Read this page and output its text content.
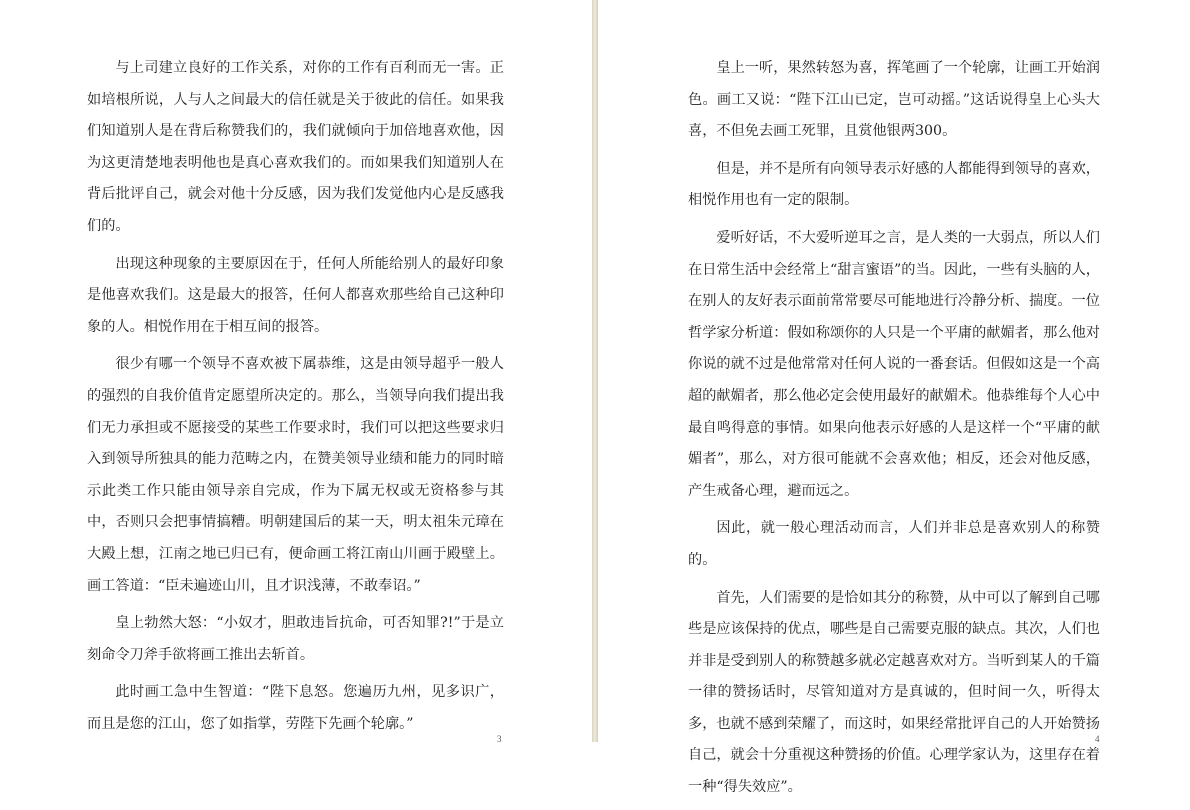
与上司建立良好的工作关系，对你的工作有百利而无一害。正如培根所说，人与人之间最大的信任就是关于彼此的信任。如果我们知道别人是在背后称赞我们的，我们就倾向于加倍地喜欢他，因为这更清楚地表明他也是真心喜欢我们的。而如果我们知道别人在背后批评自己，就会对他十分反感，因为我们发觉他内心是反感我们的。

出现这种现象的主要原因在于，任何人所能给别人的最好印象是他喜欢我们。这是最大的报答，任何人都喜欢那些给自己这种印象的人。相悦作用在于相互间的报答。

很少有哪一个领导不喜欢被下属恭维，这是由领导超乎一般人的强烈的自我价值肯定愿望所决定的。那么，当领导向我们提出我们无力承担或不愿接受的某些工作要求时，我们可以把这些要求归入到领导所独具的能力范畴之内，在赞美领导业绩和能力的同时暗示此类工作只能由领导亲自完成，作为下属无权或无资格参与其中，否则只会把事情搞糟。明朝建国后的某一天，明太祖朱元璋在大殿上想，江南之地已归已有，便命画工将江南山川画于殿壁上。画工答道：“臣未遍迹山川，且才识浅薄，不敢奉诏。”

皇上勃然大怒：“小奴才，胆敢违旨抗命，可否知罪?!”于是立刻命令刀斧手欲将画工推出去斩首。

此时画工急中生智道：“陛下息怒。您遍历九州，见多识广，而且是您的江山，您了如指掌，劳陛下先画个轮廓。”

3

皇上一听，果然转怒为喜，挥笔画了一个轮廓，让画工开始润色。画工又说：“陛下江山已定，岂可动摇。”这话说得皇上心头大喜，不但免去画工死罪，且赏他银两300。

但是，并不是所有向领导表示好感的人都能得到领导的喜欢，相悦作用也有一定的限制。

爱听好话，不大爱听逆耳之言，是人类的一大弱点，所以人们在日常生活中会经常上“甜言蜜语”的当。因此，一些有头脑的人，在别人的友好表示面前常常要尽可能地进行冷静分析、揣度。一位哲学家分析道：假如称颂你的人只是一个平庸的献媚者，那么他对你说的就不过是他常常对任何人说的一番套话。但假如这是一个高超的献媚者，那么他必定会使用最好的献媚术。他恭维每个人心中最自鸣得意的事情。如果向他表示好感的人是这样一个“平庸的献媚者”，那么，对方很可能就不会喜欢他；相反，还会对他反感，产生戒备心理，避而远之。

因此，就一般心理活动而言，人们并非总是喜欢别人的称赞的。

首先，人们需要的是恰如其分的称赞，从中可以了解到自己哪些是应该保持的优点，哪些是自己需要克服的缺点。其次，人们也并非是受到别人的称赞越多就必定越喜欢对方。当听到某人的千篇一律的赞扬话时，尽管知道对方是真诚的，但时间一久，听得太多，也就不感到荣耀了，而这时，如果经常批评自己的人开始赞扬自己，就会十分重视这种赞扬的价值。心理学家认为，这里存在着一种“得失效应”。

4
